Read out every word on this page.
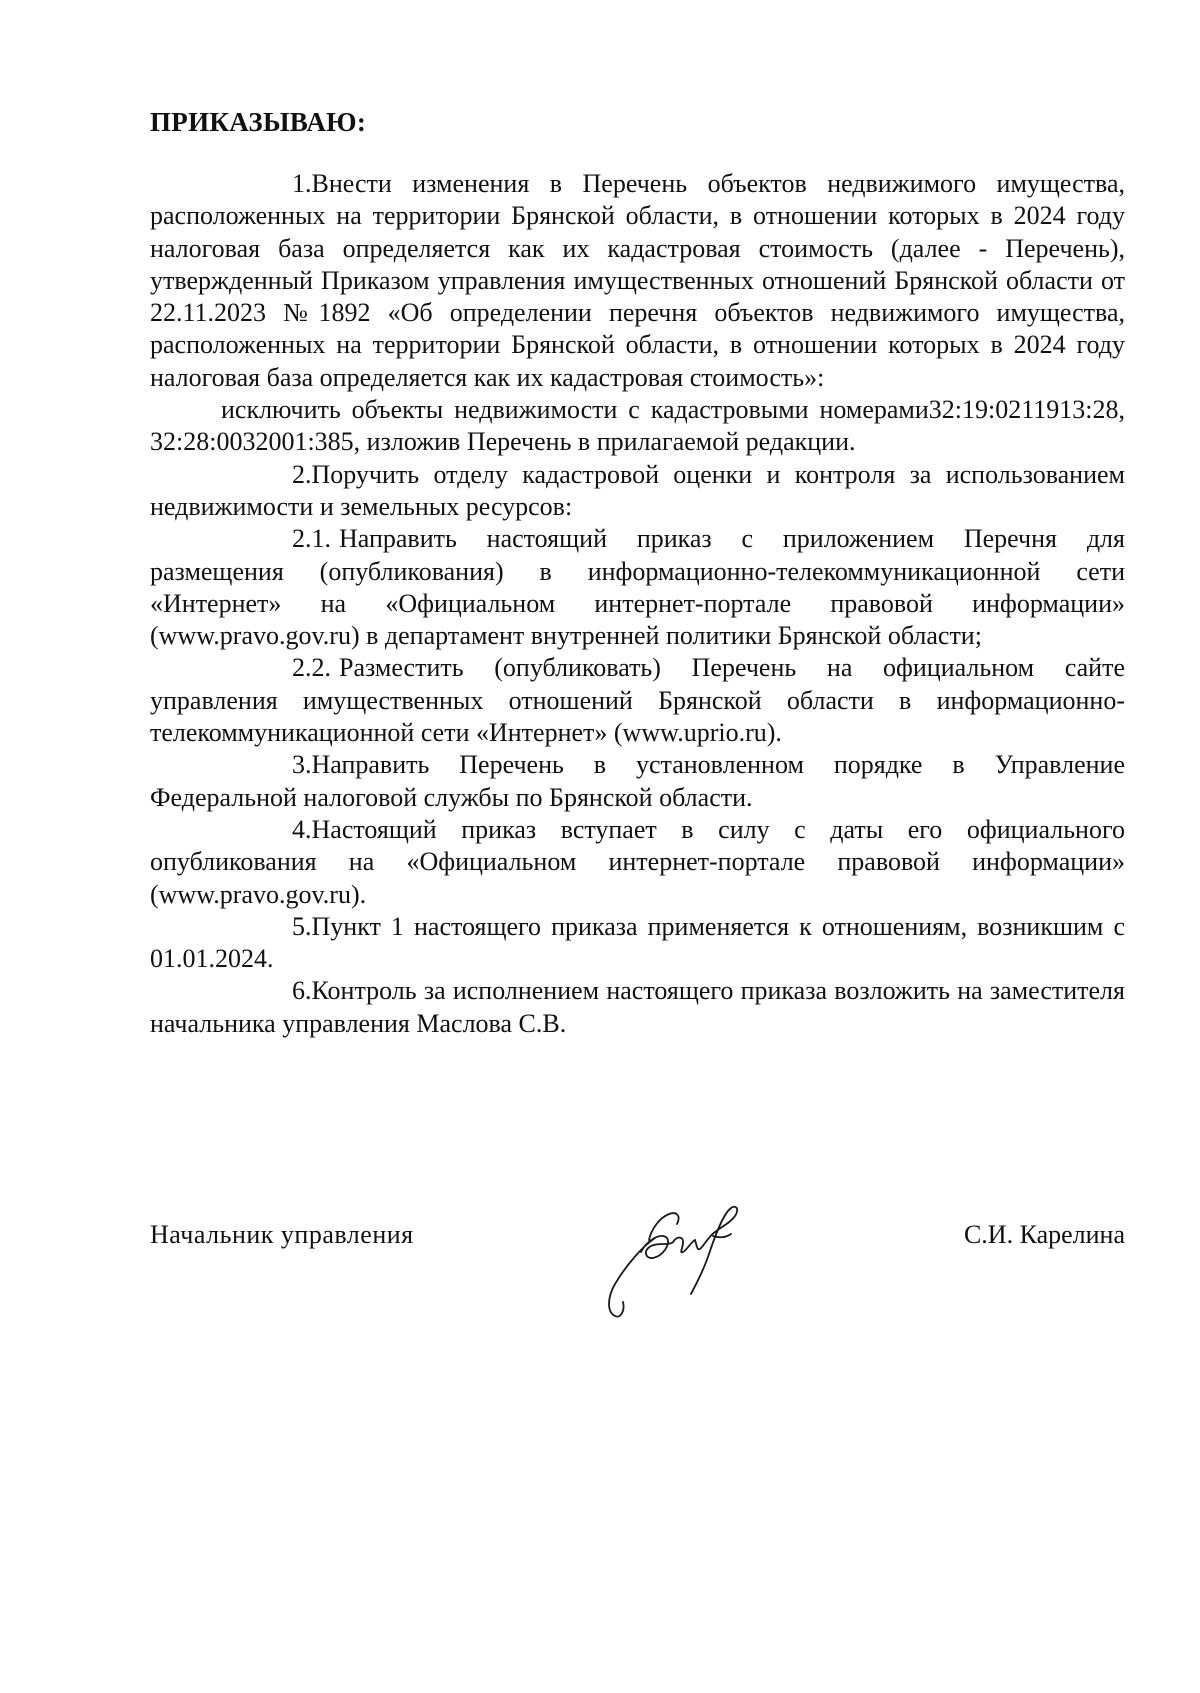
ПРИКАЗЫВАЮ:

1.Внести изменения в Перечень объектов недвижимого имущества, расположенных на территории Брянской области, в отношении которых в 2024 году налоговая база определяется как их кадастровая стоимость (далее - Перечень), утвержденный Приказом управления имущественных отношений Брянской области от 22.11.2023 №1892 «Об определении перечня объектов недвижимого имущества, расположенных на территории Брянской области, в отношении которых в 2024 году налоговая база определяется как их кадастровая стоимость»:

исключить объекты недвижимости с кадастровыми номерами32:19:0211913:28, 32:28:0032001:385, изложив Перечень в прилагаемой редакции.

2.Поручить отделу кадастровой оценки и контроля за использованием недвижимости и земельных ресурсов:

2.1. Направить настоящий приказ с приложением Перечня для размещения (опубликования) в информационно-телекоммуникационной сети «Интернет» на «Официальном интернет-портале правовой информации» (www.pravo.gov.ru) в департамент внутренней политики Брянской области;

2.2. Разместить (опубликовать) Перечень на официальном сайте управления имущественных отношений Брянской области в информационно-телекоммуникационной сети «Интернет» (www.uprio.ru).

3.Направить Перечень в установленном порядке в Управление Федеральной налоговой службы по Брянской области.

4.Настоящий приказ вступает в силу с даты его официального опубликования на «Официальном интернет-портале правовой информации» (www.pravo.gov.ru).

5.Пункт 1 настоящего приказа применяется к отношениям, возникшим с 01.01.2024.

6.Контроль за исполнением настоящего приказа возложить на заместителя начальника управления Маслова С.В.

Начальник управления	С.И. Карелина
